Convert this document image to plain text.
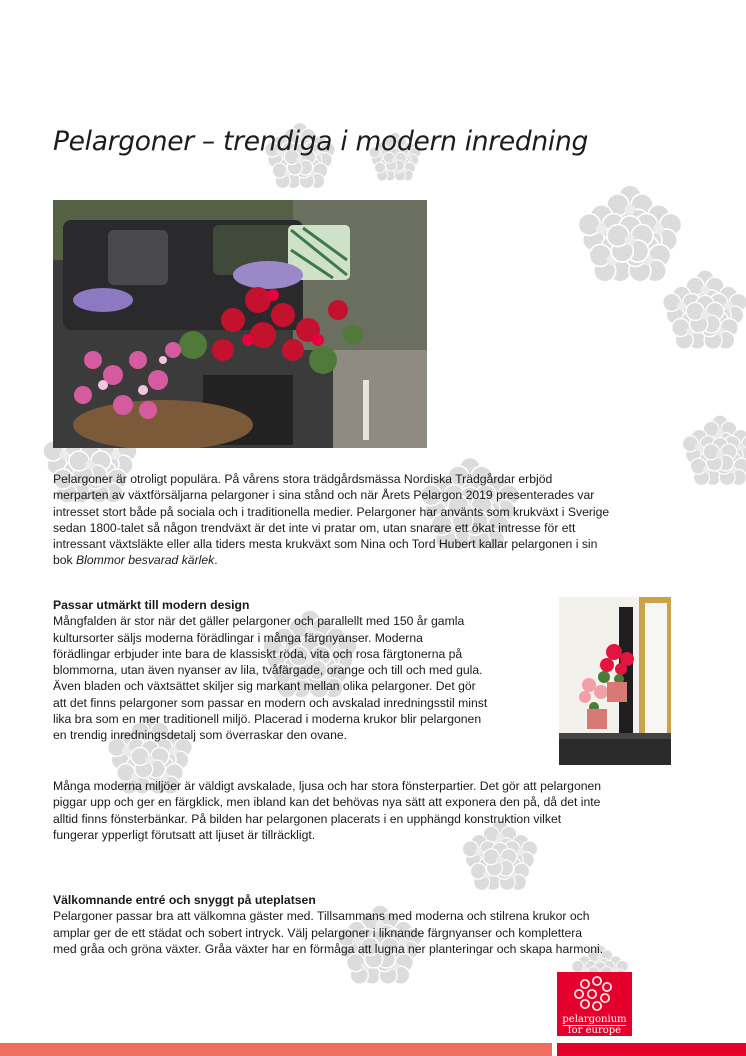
Pelargoner – trendiga i modern inredning
Pelargoner är otroligt populära. På vårens stora trädgårdsmässa Nordiska Trädgårdar erbjöd
merparten av växtförsäljarna pelargoner i sina stånd och när Årets Pelargon 2019 presenterades var
intresset stort både på sociala och i traditionella medier. Pelargoner har använts som krukväxt i Sverige
sedan 1800-talet så någon trendväxt är det inte vi pratar om, utan snarare ett ökat intresse för ett
intressant växtsläkte eller alla tiders mesta krukväxt som Nina och Tord Hubert kallar pelargonen i sin
bok Blommor besvarad kärlek.
Passar utmärkt till modern design
Mångfalden är stor när det gäller pelargoner och parallellt med 150 år gamla
kultursorter säljs moderna förädlingar i många färgnyanser. Moderna
förädlingar erbjuder inte bara de klassiskt röda, vita och rosa färgtonerna på
blommorna, utan även nyanser av lila, tvåfärgade, orange och till och med gula.
Även bladen och växtsättet skiljer sig markant mellan olika pelargoner. Det gör
att det finns pelargoner som passar en modern och avskalad inredningsstil minst
lika bra som en mer traditionell miljö. Placerad i moderna krukor blir pelargonen
en trendig inredningsdetalj som överraskar den ovane.
Många moderna miljöer är väldigt avskalade, ljusa och har stora fönsterpartier. Det gör att pelargonen
piggar upp och ger en färgklick, men ibland kan det behövas nya sätt att exponera den på, då det inte
alltid finns fönsterbänkar. På bilden har pelargonen placerats i en upphängd konstruktion vilket
fungerar ypperligt förutsatt att ljuset är tillräckligt.
Välkomnande entré och snyggt på uteplatsen
Pelargoner passar bra att välkomna gäster med. Tillsammans med moderna och stilrena krukor och
amplar ger de ett städat och sobert intryck. Välj pelargoner i liknande färgnyanser och komplettera
med gråa och gröna växter. Gråa växter har en förmåga att lugna ner planteringar och skapa harmoni.
pelargonium
for europe
